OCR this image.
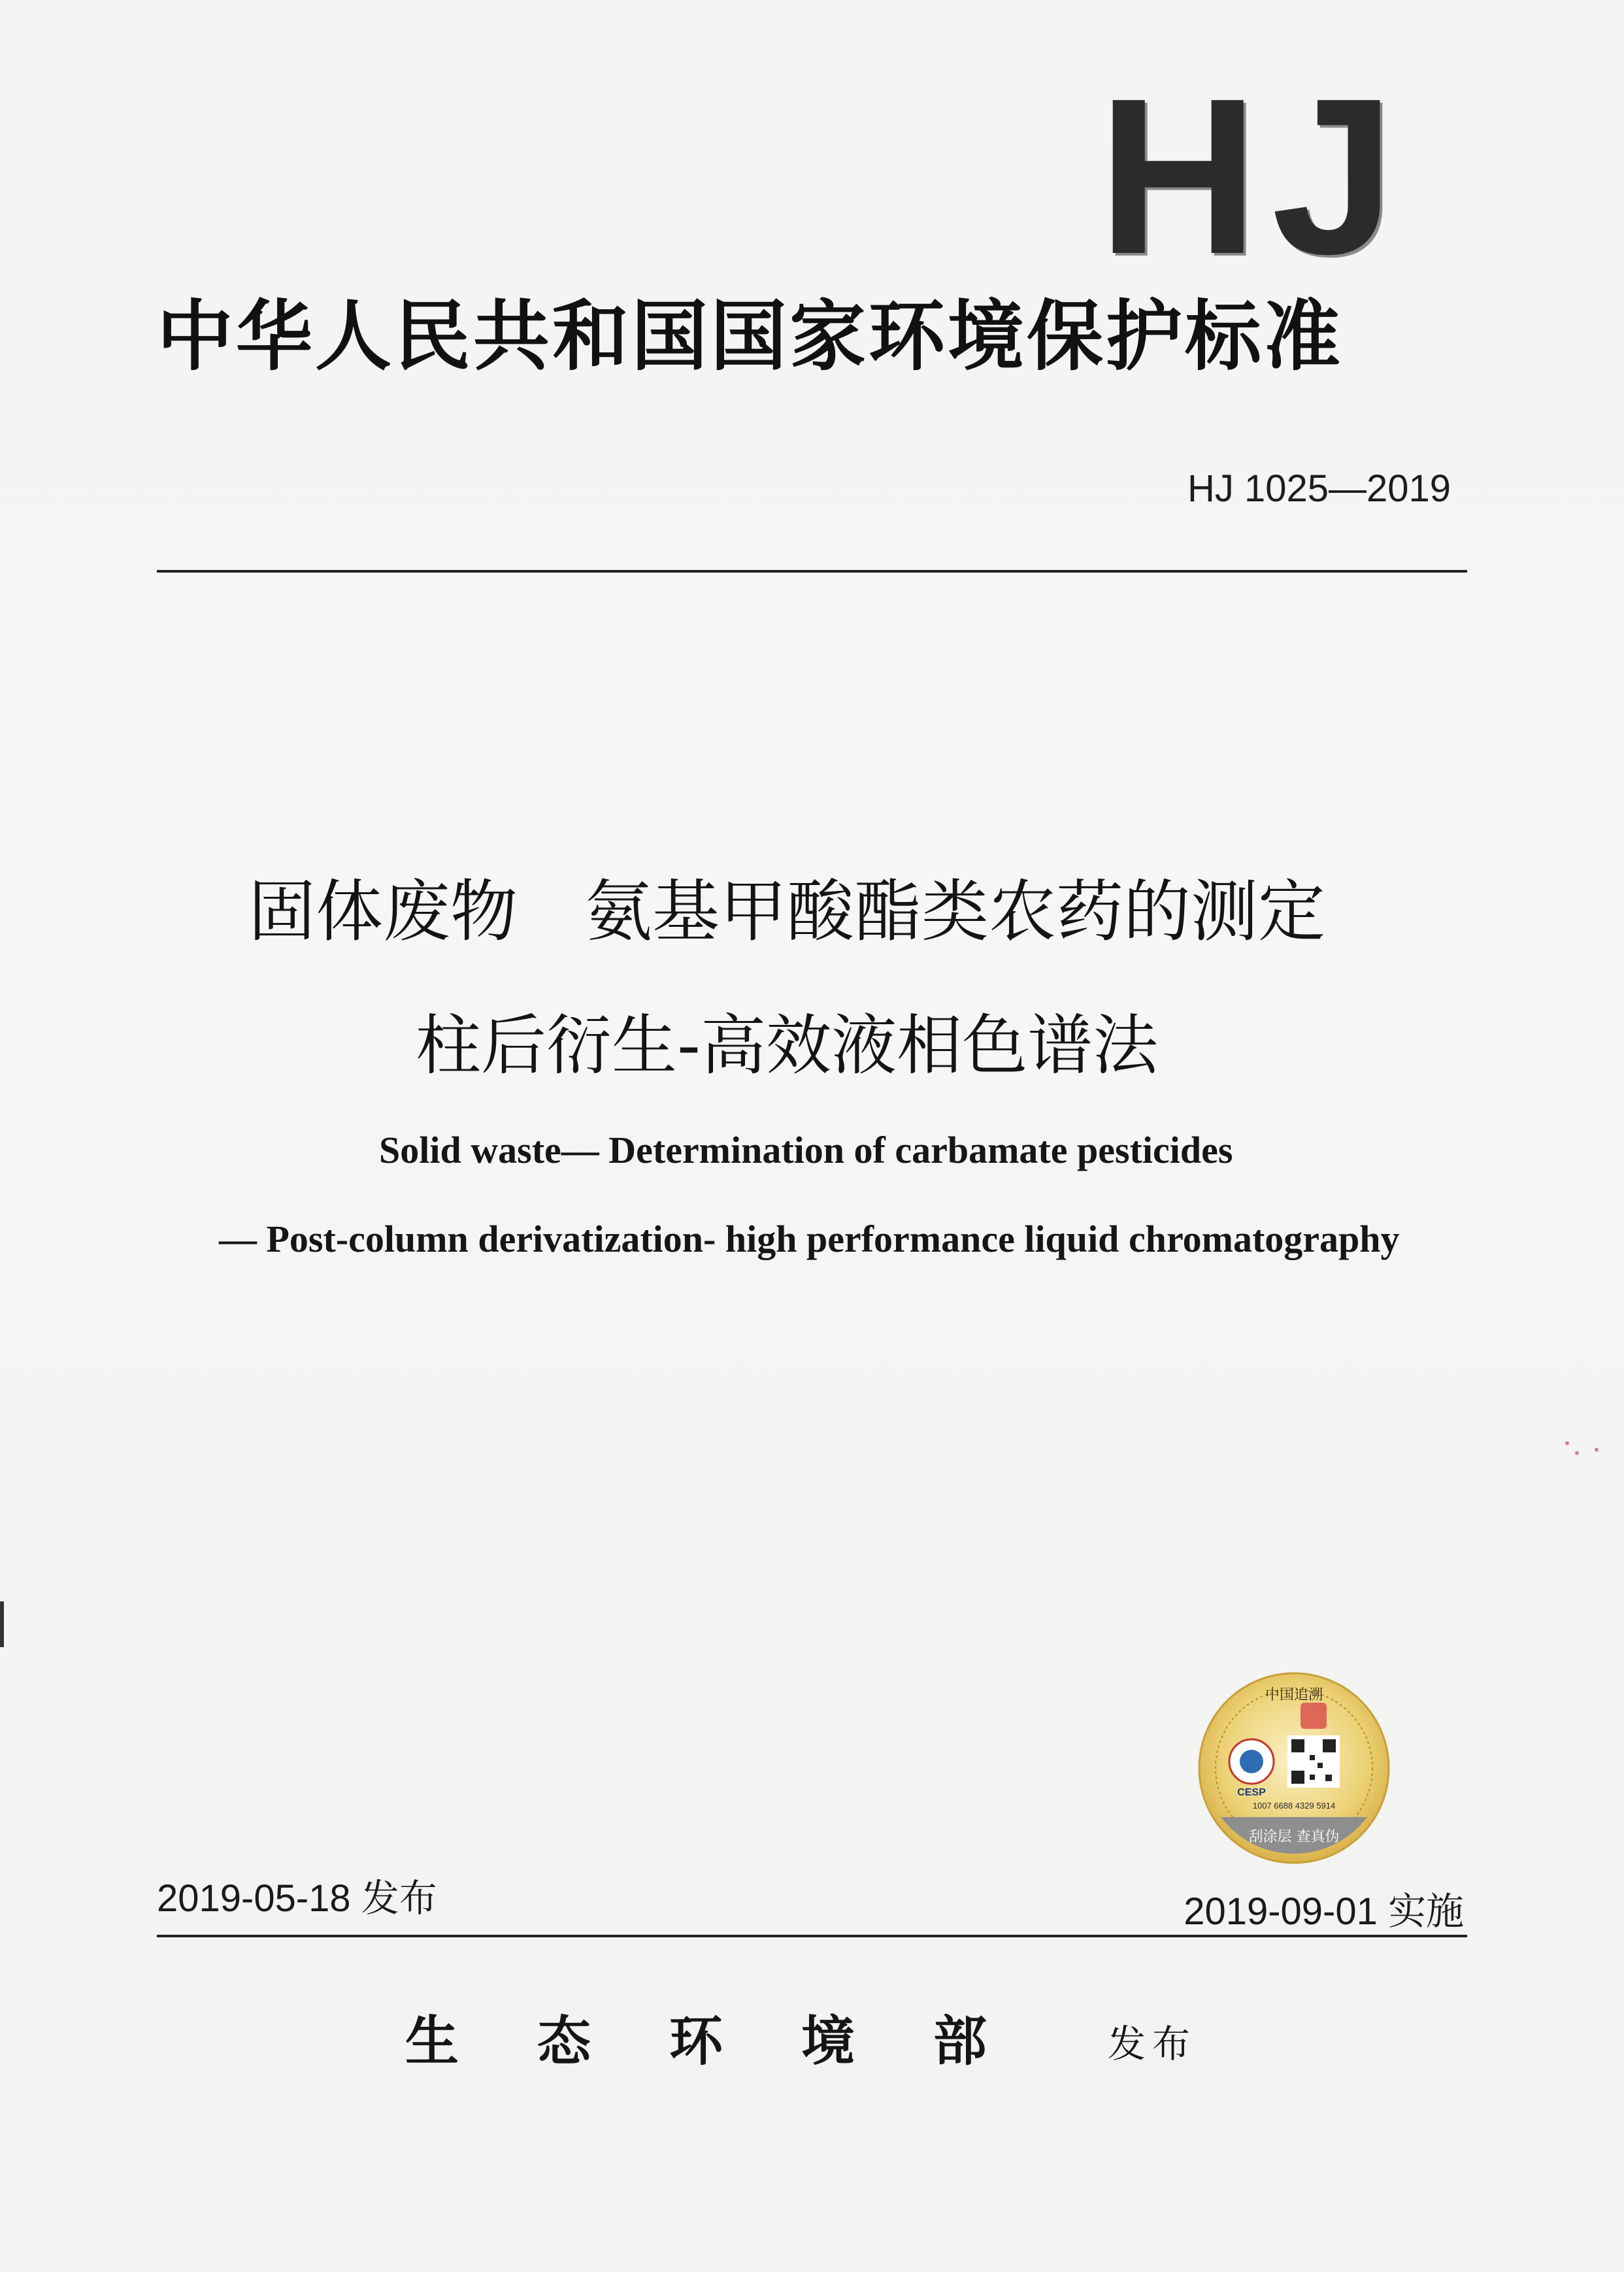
HJ
中华人民共和国国家环境保护标准
HJ 1025—2019
固体废物　氨基甲酸酯类农药的测定
柱后衍生-高效液相色谱法
Solid waste— Determination of carbamate pesticides
— Post-column derivatization- high performance liquid chromatography
中国追溯
CESP
1007 6688 4329 5914
刮涂层 查真伪
2019-05-18 发布	2019-09-01 实施
生态环境部 发布
